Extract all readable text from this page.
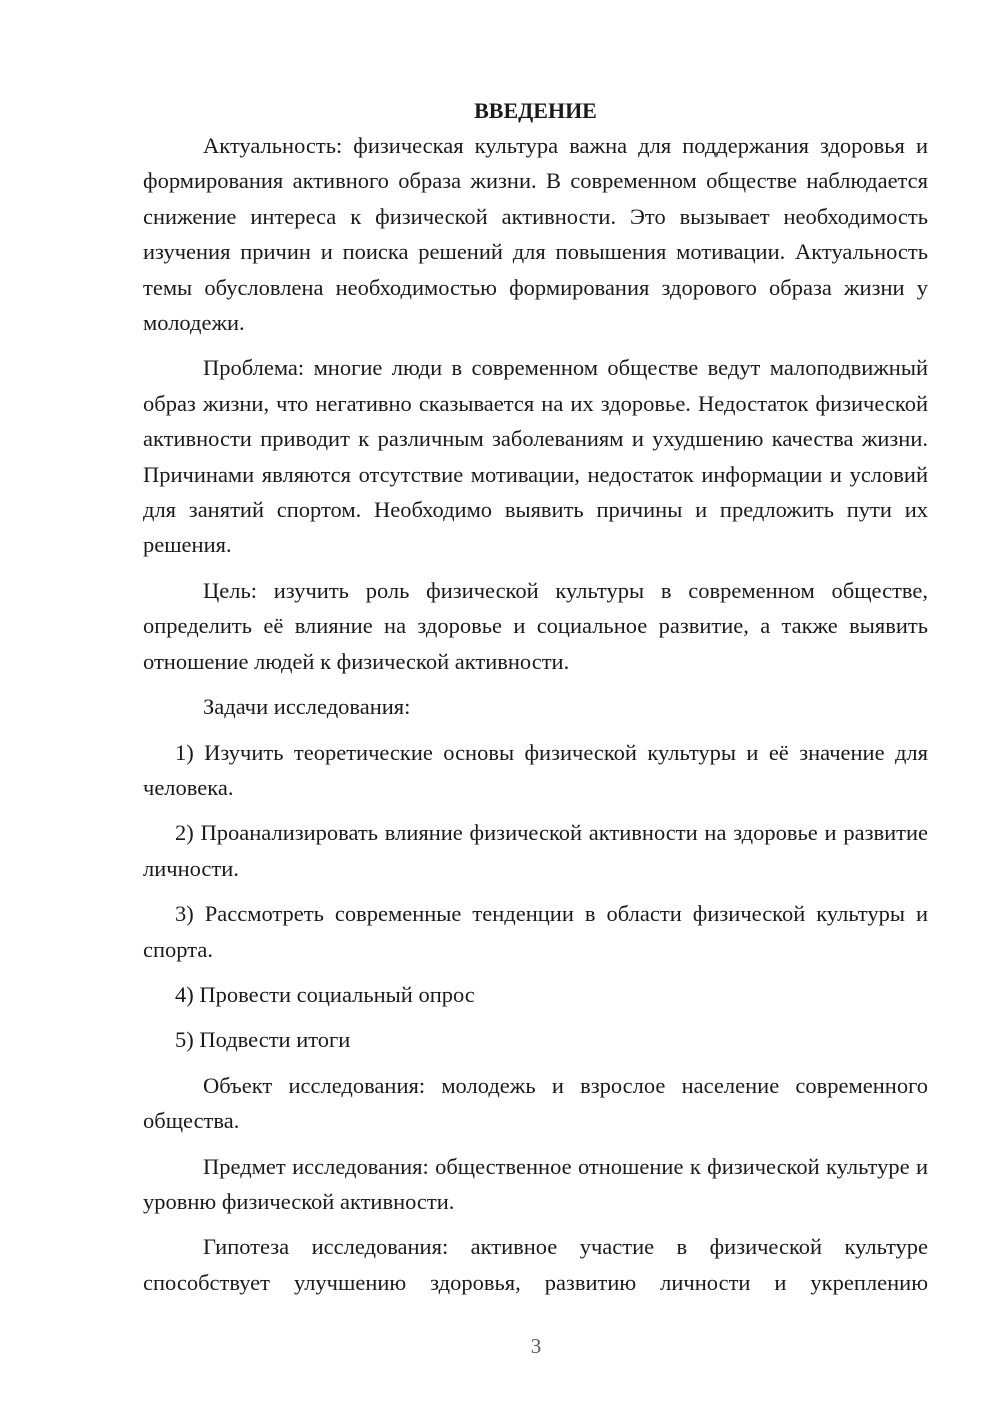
ВВЕДЕНИЕ

Актуальность: физическая культура важна для поддержания здоровья и формирования активного образа жизни. В современном обществе наблюдается снижение интереса к физической активности. Это вызывает необходимость изучения причин и поиска решений для повышения мотивации. Актуальность темы обусловлена необходимостью формирования здорового образа жизни у молодежи.

Проблема: многие люди в современном обществе ведут малоподвижный образ жизни, что негативно сказывается на их здоровье. Недостаток физической активности приводит к различным заболеваниям и ухудшению качества жизни. Причинами являются отсутствие мотивации, недостаток информации и условий для занятий спортом. Необходимо выявить причины и предложить пути их решения.

Цель: изучить роль физической культуры в современном обществе, определить её влияние на здоровье и социальное развитие, а также выявить отношение людей к физической активности.

Задачи исследования:

1) Изучить теоретические основы физической культуры и её значение для человека.

2) Проанализировать влияние физической активности на здоровье и развитие личности.

3) Рассмотреть современные тенденции в области физической культуры и спорта.

4) Провести социальный опрос

5) Подвести итоги

Объект исследования: молодежь и взрослое население современного общества.

Предмет исследования: общественное отношение к физической культуре и уровню физической активности.

Гипотеза исследования: активное участие в физической культуре способствует улучшению здоровья, развитию личности и укреплению

3
